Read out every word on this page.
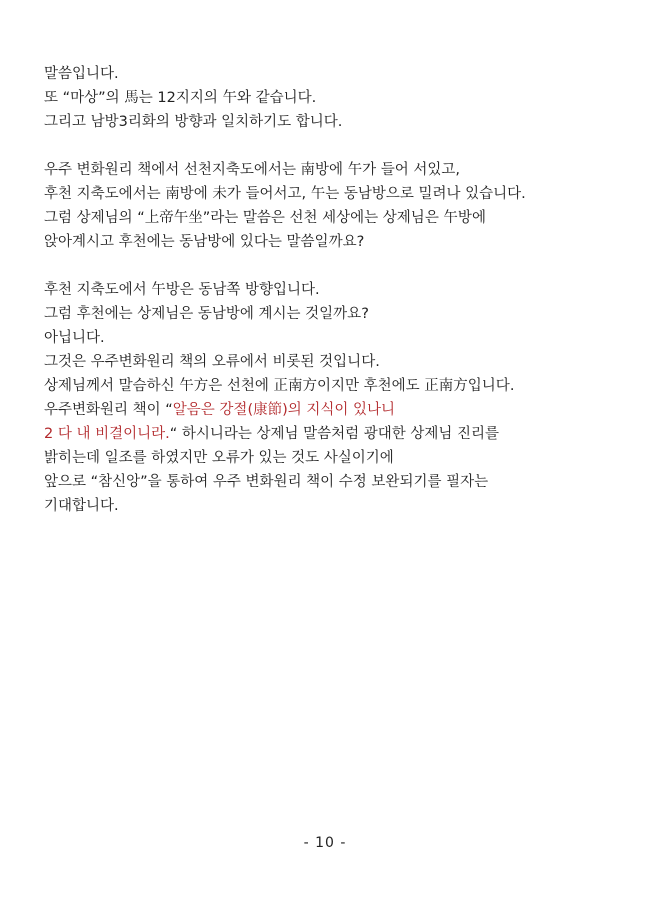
말씀입니다.
또 “마상”의 馬는 12지지의 午와 같습니다.
그리고 남방3리화의 방향과 일치하기도 합니다.
우주 변화원리 책에서 선천지축도에서는 南방에 午가 들어 서있고,
후천 지축도에서는 南방에 未가 들어서고, 午는 동남방으로 밀려나 있습니다.
그럼 상제님의 “上帝午坐”라는 말씀은 선천 세상에는 상제님은 午방에
앉아계시고 후천에는 동남방에 있다는 말씀일까요?
후천 지축도에서 午방은 동남쪽 방향입니다.
그럼 후천에는 상제님은 동남방에 계시는 것일까요?
아닙니다.
그것은 우주변화원리 책의 오류에서 비롯된 것입니다.
상제님께서 말슴하신 午方은 선천에 正南方이지만 후천에도 正南方입니다.
우주변화원리 책이 “알음은 강절(康節)의 지식이 있나니
2 다 내 비결이니라.“ 하시니라는 상제님 말씀처럼 광대한 상제님 진리를
밝히는데 일조를 하였지만 오류가 있는 것도 사실이기에
앞으로 “참신앙”을 통하여 우주 변화원리 책이 수정 보완되기를 필자는
기대합니다.
- 10 -
